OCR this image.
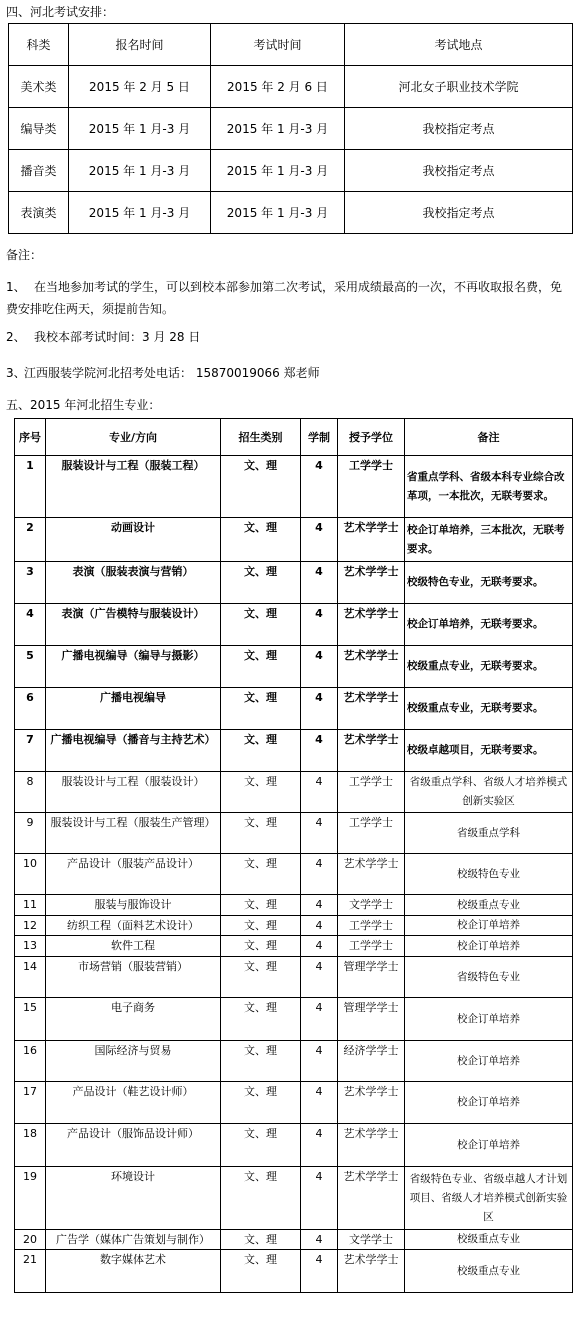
四、河北考试安排：
科类	报名时间	考试时间	考试地点
美术类	2015 年 2 月 5 日	2015 年 2 月 6 日	河北女子职业技术学院
编导类	2015 年 1 月-3 月	2015 年 1 月-3 月	我校指定考点
播音类	2015 年 1 月-3 月	2015 年 1 月-3 月	我校指定考点
表演类	2015 年 1 月-3 月	2015 年 1 月-3 月	我校指定考点
备注：
1、 在当地参加考试的学生，可以到校本部参加第二次考试，采用成绩最高的一次，不再收取报名费，免费安排吃住两天，须提前告知。
2、 我校本部考试时间：3 月 28 日
3、江西服装学院河北招考处电话： 15870019066 郑老师
五、2015 年河北招生专业：
序号	专业/方向	招生类别	学制	授予学位	备注
1	服装设计与工程（服装工程）	文、理	4	工学学士	省重点学科、省级本科专业综合改革项，一本批次，无联考要求。
2	动画设计	文、理	4	艺术学学士	校企订单培养，三本批次，无联考要求。
3	表演（服装表演与营销）	文、理	4	艺术学学士	校级特色专业，无联考要求。
4	表演（广告模特与服装设计）	文、理	4	艺术学学士	校企订单培养，无联考要求。
5	广播电视编导（编导与摄影）	文、理	4	艺术学学士	校级重点专业，无联考要求。
6	广播电视编导	文、理	4	艺术学学士	校级重点专业，无联考要求。
7	广播电视编导（播音与主持艺术）	文、理	4	艺术学学士	校级卓越项目，无联考要求。
8	服装设计与工程（服装设计）	文、理	4	工学学士	省级重点学科、省级人才培养模式创新实验区
9	服装设计与工程（服装生产管理）	文、理	4	工学学士	省级重点学科
10	产品设计（服装产品设计）	文、理	4	艺术学学士	校级特色专业
11	服装与服饰设计	文、理	4	文学学士	校级重点专业
12	纺织工程（面料艺术设计）	文、理	4	工学学士	校企订单培养
13	软件工程	文、理	4	工学学士	校企订单培养
14	市场营销（服装营销）	文、理	4	管理学学士	省级特色专业
15	电子商务	文、理	4	管理学学士	校企订单培养
16	国际经济与贸易	文、理	4	经济学学士	校企订单培养
17	产品设计（鞋艺设计师）	文、理	4	艺术学学士	校企订单培养
18	产品设计（服饰品设计师）	文、理	4	艺术学学士	校企订单培养
19	环境设计	文、理	4	艺术学学士	省级特色专业、省级卓越人才计划项目、省级人才培养模式创新实验区
20	广告学（媒体广告策划与制作）	文、理	4	文学学士	校级重点专业
21	数字媒体艺术	文、理	4	艺术学学士	校级重点专业
